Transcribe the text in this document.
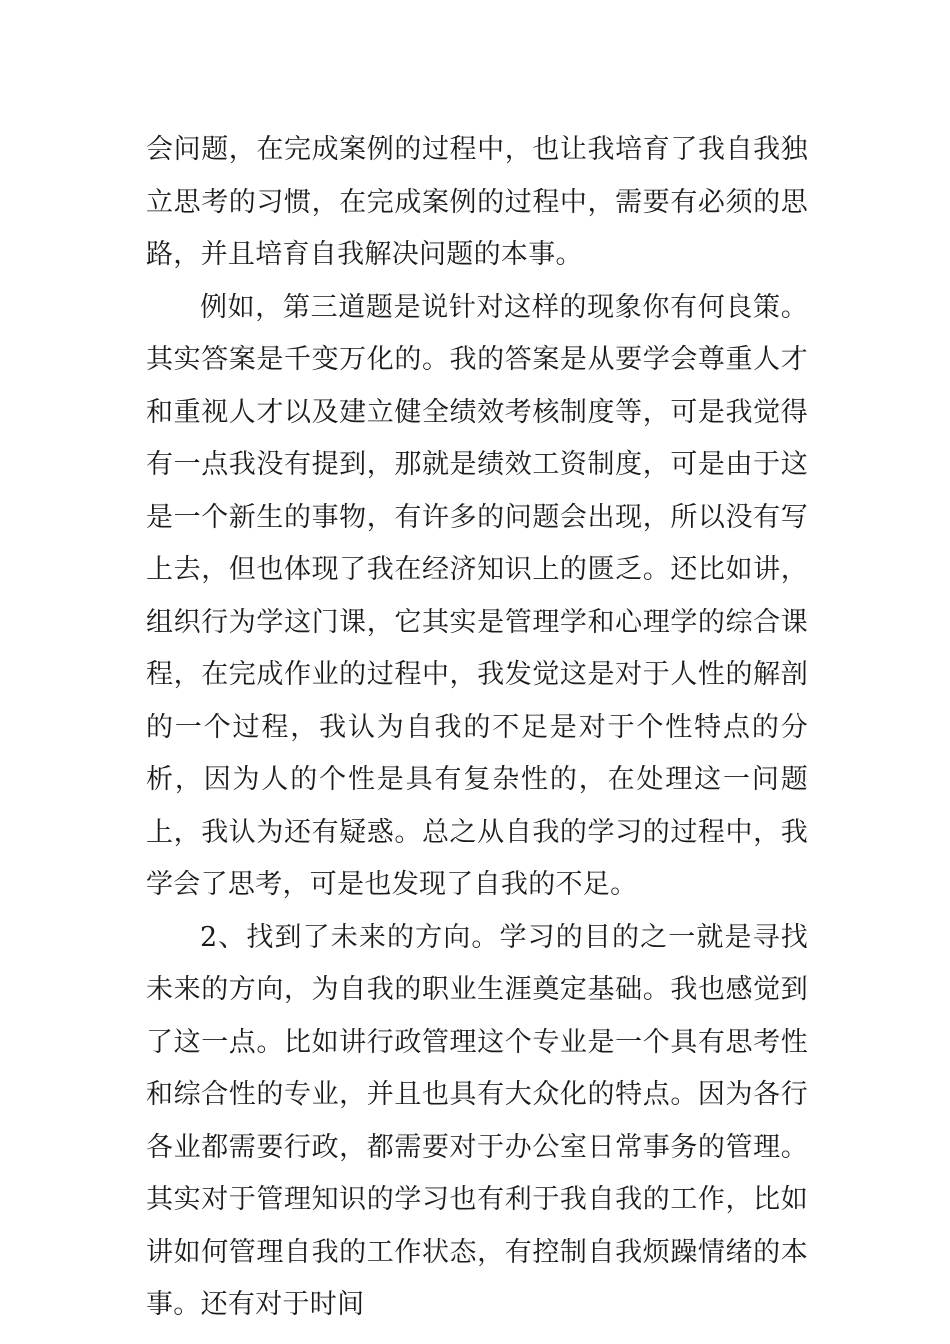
会问题，在完成案例的过程中，也让我培育了我自我独立思考的习惯，在完成案例的过程中，需要有必须的思路，并且培育自我解决问题的本事。

例如，第三道题是说针对这样的现象你有何良策。其实答案是千变万化的。我的答案是从要学会尊重人才和重视人才以及建立健全绩效考核制度等，可是我觉得有一点我没有提到，那就是绩效工资制度，可是由于这是一个新生的事物，有许多的问题会出现，所以没有写上去，但也体现了我在经济知识上的匮乏。还比如讲，组织行为学这门课，它其实是管理学和心理学的综合课程，在完成作业的过程中，我发觉这是对于人性的解剖的一个过程，我认为自我的不足是对于个性特点的分析，因为人的个性是具有复杂性的，在处理这一问题上，我认为还有疑惑。总之从自我的学习的过程中，我学会了思考，可是也发现了自我的不足。

2、找到了未来的方向。学习的目的之一就是寻找未来的方向，为自我的职业生涯奠定基础。我也感觉到了这一点。比如讲行政管理这个专业是一个具有思考性和综合性的专业，并且也具有大众化的特点。因为各行各业都需要行政，都需要对于办公室日常事务的管理。其实对于管理知识的学习也有利于我自我的工作，比如讲如何管理自我的工作状态，有控制自我烦躁情绪的本事。还有对于时间
